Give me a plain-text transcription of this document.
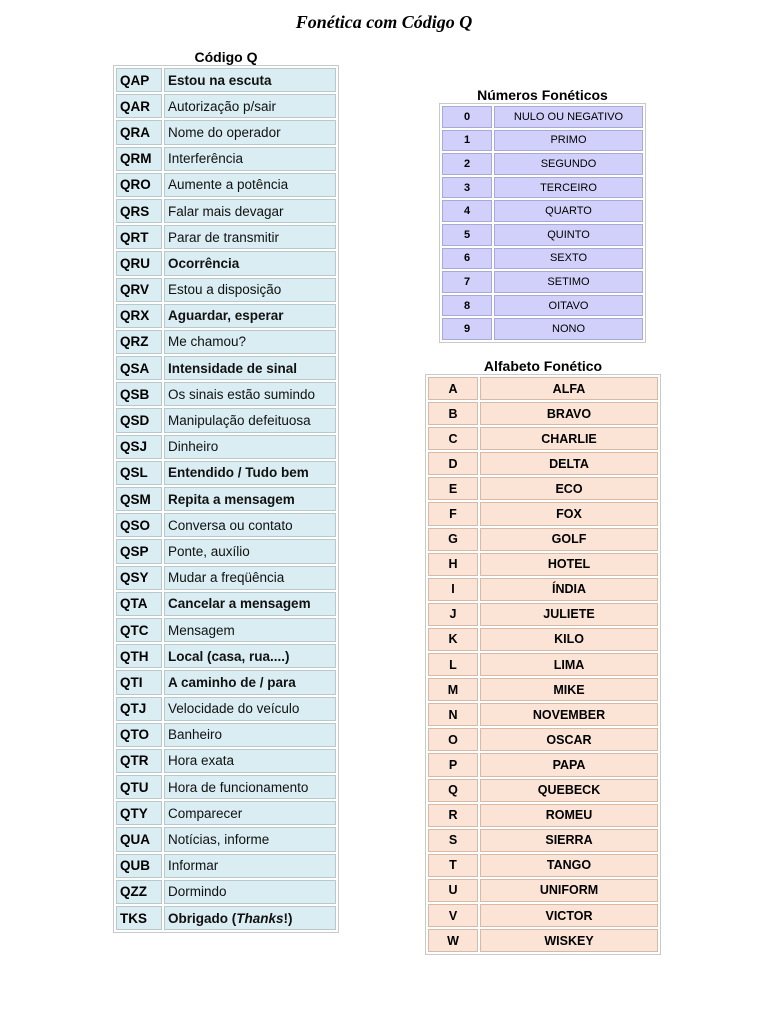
Fonética com Código Q
Código Q
QAP	Estou na escuta
QAR	Autorização p/sair
QRA	Nome do operador
QRM	Interferência
QRO	Aumente a potência
QRS	Falar mais devagar
QRT	Parar de transmitir
QRU	Ocorrência
QRV	Estou a disposição
QRX	Aguardar, esperar
QRZ	Me chamou?
QSA	Intensidade de sinal
QSB	Os sinais estão sumindo
QSD	Manipulação defeituosa
QSJ	Dinheiro
QSL	Entendido / Tudo bem
QSM	Repita a mensagem
QSO	Conversa ou contato
QSP	Ponte, auxílio
QSY	Mudar a freqüência
QTA	Cancelar a mensagem
QTC	Mensagem
QTH	Local (casa, rua....)
QTI	A caminho de / para
QTJ	Velocidade do veículo
QTO	Banheiro
QTR	Hora exata
QTU	Hora de funcionamento
QTY	Comparecer
QUA	Notícias, informe
QUB	Informar
QZZ	Dormindo
TKS	Obrigado (Thanks!)
Números Fonéticos
0	NULO OU NEGATIVO
1	PRIMO
2	SEGUNDO
3	TERCEIRO
4	QUARTO
5	QUINTO
6	SEXTO
7	SETIMO
8	OITAVO
9	NONO
Alfabeto Fonético
A	ALFA
B	BRAVO
C	CHARLIE
D	DELTA
E	ECO
F	FOX
G	GOLF
H	HOTEL
I	ÍNDIA
J	JULIETE
K	KILO
L	LIMA
M	MIKE
N	NOVEMBER
O	OSCAR
P	PAPA
Q	QUEBECK
R	ROMEU
S	SIERRA
T	TANGO
U	UNIFORM
V	VICTOR
W	WISKEY
